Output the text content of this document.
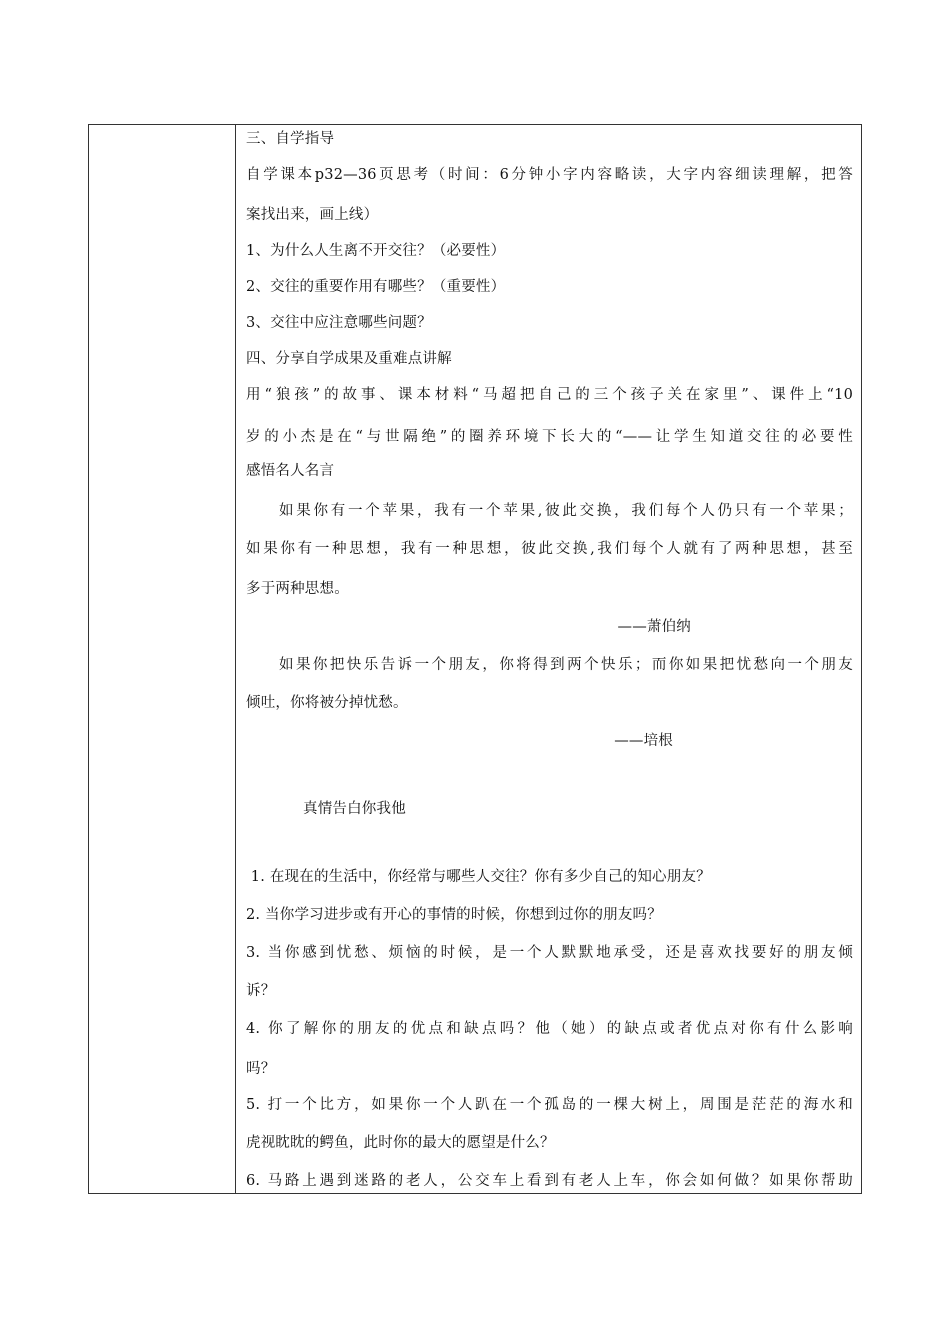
三、自学指导
自学课本p32—36页思考（时间：6分钟小字内容略读，大字内容细读理解，把答
案找出来，画上线）
1、为什么人生离不开交往？（必要性）
2、交往的重要作用有哪些？（重要性）
3、交往中应注意哪些问题？
四、分享自学成果及重难点讲解
用“狼孩”的故事、课本材料“马超把自己的三个孩子关在家里”、课件上“10
岁的小杰是在“与世隔绝”的圈养环境下长大的“——让学生知道交往的必要性
感悟名人名言
如果你有一个苹果，我有一个苹果,彼此交换，我们每个人仍只有一个苹果；
如果你有一种思想，我有一种思想，彼此交换,我们每个人就有了两种思想，甚至
多于两种思想。
——萧伯纳
如果你把快乐告诉一个朋友，你将得到两个快乐；而你如果把忧愁向一个朋友
倾吐，你将被分掉忧愁。
——培根
真情告白你我他
1. 在现在的生活中，你经常与哪些人交往？你有多少自己的知心朋友？
2. 当你学习进步或有开心的事情的时候，你想到过你的朋友吗？
3. 当你感到忧愁、烦恼的时候，是一个人默默地承受，还是喜欢找要好的朋友倾
诉？
4. 你了解你的朋友的优点和缺点吗？他（她）的缺点或者优点对你有什么影响
吗？
5. 打一个比方，如果你一个人趴在一个孤岛的一棵大树上，周围是茫茫的海水和
虎视眈眈的鳄鱼，此时你的最大的愿望是什么？
6. 马路上遇到迷路的老人，公交车上看到有老人上车，你会如何做？如果你帮助
